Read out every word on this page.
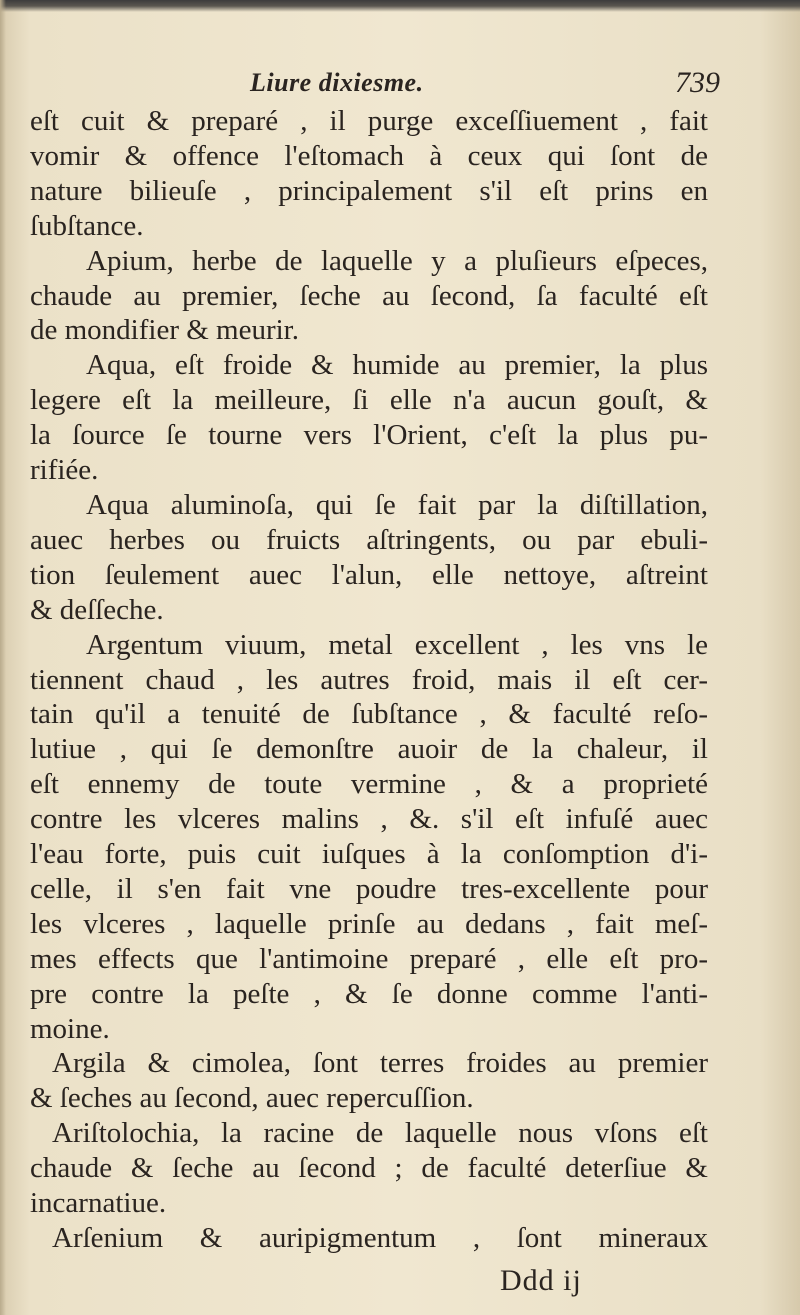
Liure dixiesme.	739
eſt cuit & preparé , il purge exceſſiuement , fait
vomir & offence l'eſtomach à ceux qui ſont de
nature bilieuſe , principalement s'il eſt prins en
ſubſtance.
Apium, herbe de laquelle y a pluſieurs eſpeces,
chaude au premier, ſeche au ſecond, ſa faculté eſt
de mondifier & meurir.
Aqua, eſt froide & humide au premier, la plus
legere eſt la meilleure, ſi elle n'a aucun gouſt, &
la ſource ſe tourne vers l'Orient, c'eſt la plus pu-
rifiée.
Aqua aluminoſa, qui ſe fait par la diſtillation,
auec herbes ou fruicts aſtringents, ou par ebuli-
tion ſeulement auec l'alun, elle nettoye, aſtreint
& deſſeche.
Argentum viuum, metal excellent , les vns le
tiennent chaud , les autres froid, mais il eſt cer-
tain qu'il a tenuité de ſubſtance , & faculté reſo-
lutiue , qui ſe demonſtre auoir de la chaleur, il
eſt ennemy de toute vermine , & a proprieté
contre les vlceres malins , &. s'il eſt infuſé auec
l'eau forte, puis cuit iuſques à la conſomption d'i-
celle, il s'en fait vne poudre tres-excellente pour
les vlceres , laquelle prinſe au dedans , fait meſ-
mes effects que l'antimoine preparé , elle eſt pro-
pre contre la peſte , & ſe donne comme l'anti-
moine.
Argila & cimolea, ſont terres froides au premier
& ſeches au ſecond, auec repercuſſion.
Ariſtolochia, la racine de laquelle nous vſons eſt
chaude & ſeche au ſecond ; de faculté deterſiue &
incarnatiue.
Arſenium & auripigmentum , ſont mineraux
Ddd ij
